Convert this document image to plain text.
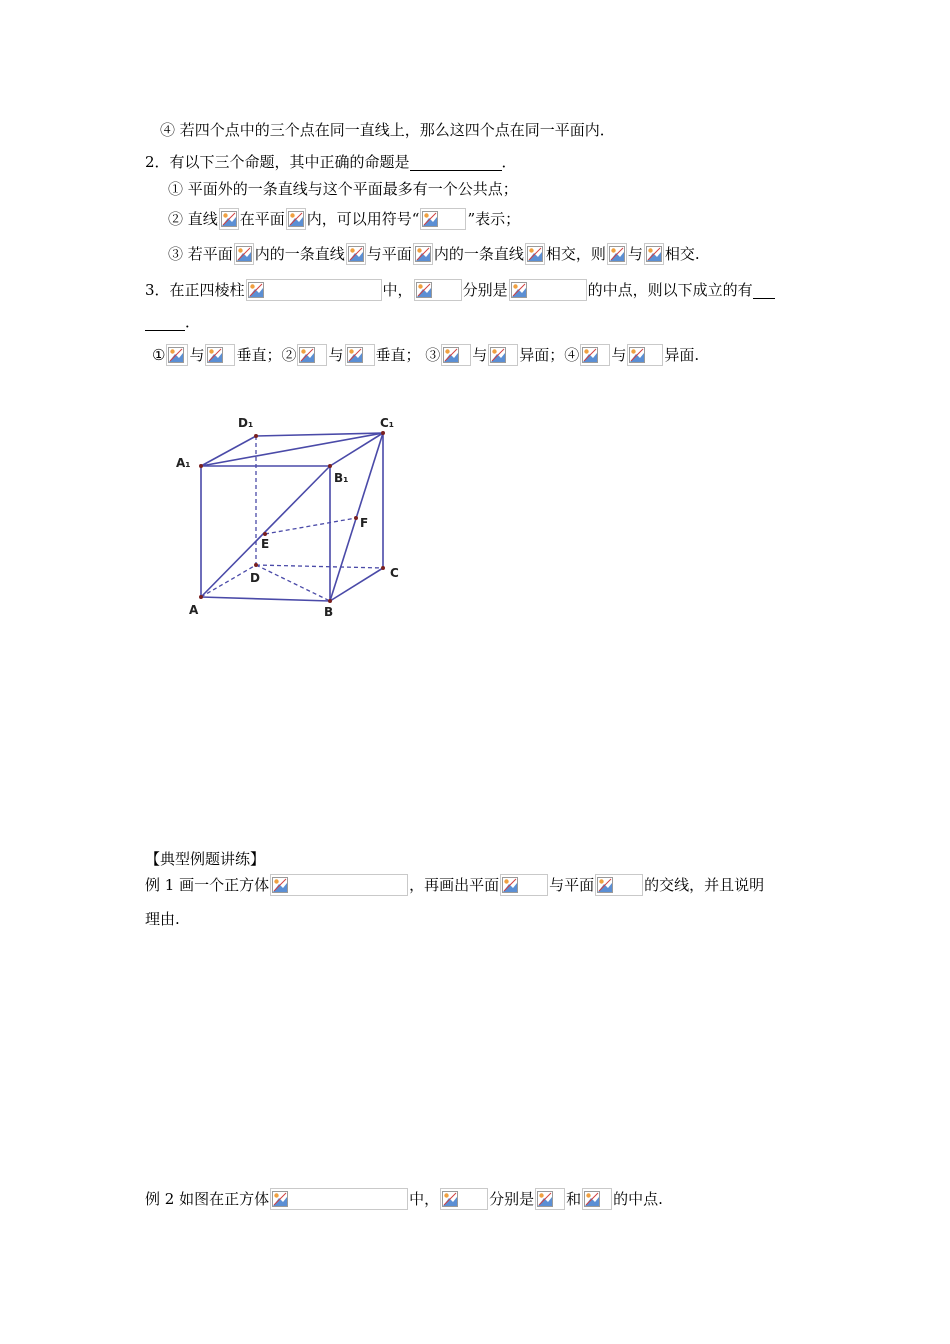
④ 若四个点中的三个点在同一直线上，那么这四个点在同一平面内．
2．有以下三个命题，其中正确的命题是	．
① 平面外的一条直线与这个平面最多有一个公共点；
② 直线 在平面 内，可以用符号“	”表示；
③ 若平面 内的一条直线 与平面 内的一条直线 相交，则 与 相交.
3．在正四棱柱	中，	分别是	的中点，则以下成立的有
．
① 与 垂直；② 与 垂直； ③ 与 异面；④ 与	异面.
D₁	C₁
A₁
B₁
F
E
D	C
A	B
【典型例题讲练】
例 1 画一个正方体	，再画出平面	与平面	的交线，并且说明
理由.
例 2 如图在正方体	中，	分别是 和 的中点.
